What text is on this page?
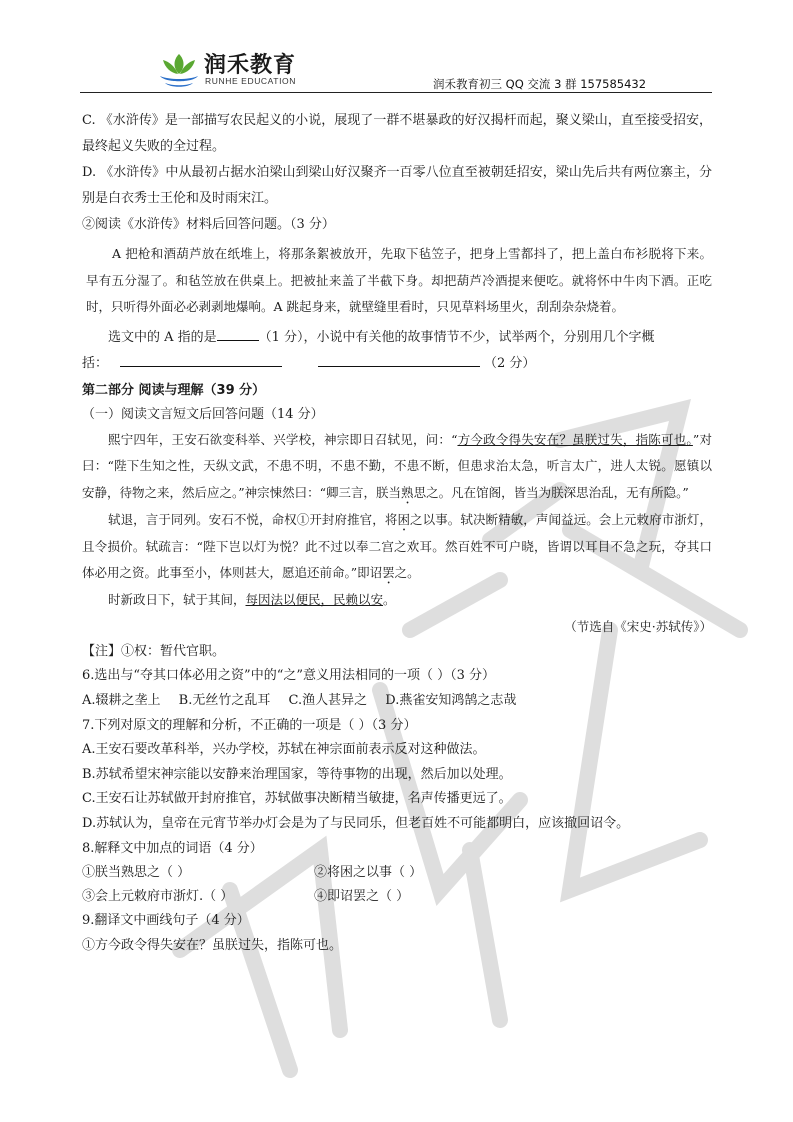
润禾教育
RUNHE EDUCATION	润禾教育初三 QQ 交流 3 群 157585432

C. 《水浒传》是一部描写农民起义的小说，展现了一群不堪暴政的好汉揭杆而起，聚义梁山，直至接受招安，最终起义失败的全过程。

D. 《水浒传》中从最初占据水泊梁山到梁山好汉聚齐一百零八位直至被朝廷招安，梁山先后共有两位寨主，分别是白衣秀士王伦和及时雨宋江。

②阅读《水浒传》材料后回答问题。（3 分）

A 把枪和酒葫芦放在纸堆上，将那条絮被放开，先取下毡笠子，把身上雪都抖了，把上盖白布衫脱将下来。早有五分湿了。和毡笠放在供桌上。把被扯来盖了半截下身。却把葫芦冷酒提来便吃。就将怀中牛肉下酒。正吃时，只听得外面必必剥剥地爆响。A 跳起身来，就壁缝里看时，只见草料场里火，刮刮杂杂烧着。

选文中的 A 指的是	（1 分），小说中有关他的故事情节不少，试举两个，分别用几个字概

括：	（2 分）

第二部分 阅读与理解（39 分）

（一）阅读文言短文后回答问题（14 分）

熙宁四年，王安石欲变科举、兴学校，神宗即日召轼见，问：“方今政令得失安在？虽朕过失，指陈可也。”对曰：“陛下生知之性，天纵文武，不患不明，不患不勤，不患不断，但患求治太急，听言太广，进人太锐。愿镇以安静，待物之来，然后应之。”神宗悚然曰：“卿三言，朕当熟思之。凡在馆阁，皆当为朕深思治乱，无有所隐。”

轼退，言于同列。安石不悦，命权①开封府推官，将困之以事。轼决断精敏，声闻益远。会上元敕府市浙灯，且令损价。轼疏言：“陛下岂以灯为悦？此不过以奉二宫之欢耳。然百姓不可户晓，皆谓以耳目不急之玩，夺其口体必用之资。此事至小，体则甚大，愿追还前命。”即诏罢之。

时新政日下，轼于其间，每因法以便民，民赖以安。

（节选自《宋史·苏轼传》）

【注】①权：暂代官职。

6.选出与“夺其口体必用之资”中的“之”意义用法相同的一项（ ）（3 分）

A.辍耕之垄上 B.无丝竹之乱耳 C.渔人甚异之 D.燕雀安知鸿鹄之志哉

7.下列对原文的理解和分析，不正确的一项是（ ）（3 分）

A.王安石要改革科举，兴办学校，苏轼在神宗面前表示反对这种做法。

B.苏轼希望宋神宗能以安静来治理国家，等待事物的出现，然后加以处理。

C.王安石让苏轼做开封府推官，苏轼做事决断精当敏捷，名声传播更远了。

D.苏轼认为，皇帝在元宵节举办灯会是为了与民同乐，但老百姓不可能都明白，应该撤回诏令。

8.解释文中加点的词语（4 分）

①朕当熟思之（ ）	②将困之以事（ ）
③会上元敕府市浙灯.（ ）	④即诏罢之（ ）

9.翻译文中画线句子（4 分）

①方今政令得失安在？虽朕过失，指陈可也。
